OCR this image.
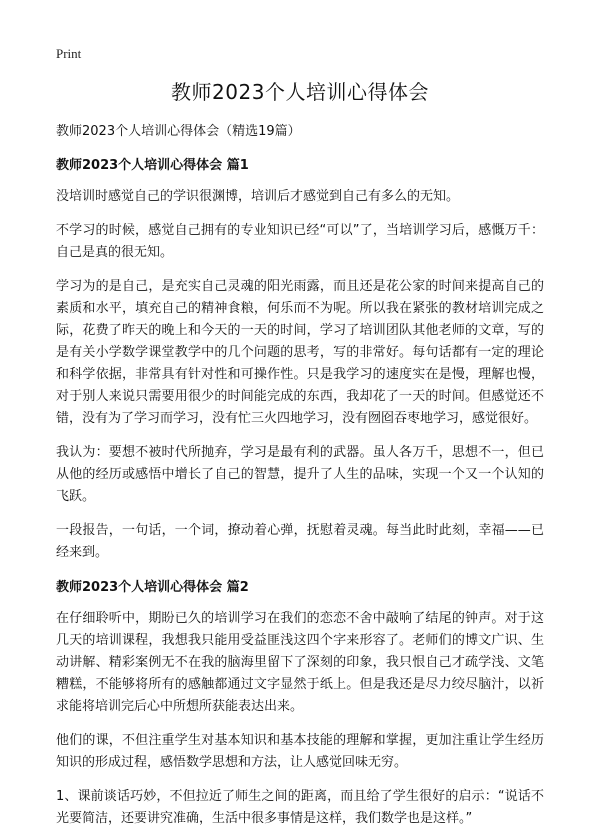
Print
教师2023个人培训心得体会

教师2023个人培训心得体会（精选19篇）

教师2023个人培训心得体会 篇1

没培训时感觉自己的学识很渊博，培训后才感觉到自己有多么的无知。

不学习的时候，感觉自己拥有的专业知识已经“可以”了，当培训学习后，感慨万千：自己是真的很无知。

学习为的是自己，是充实自己灵魂的阳光雨露，而且还是花公家的时间来提高自己的素质和水平，填充自己的精神食粮，何乐而不为呢。所以我在紧张的教材培训完成之际，花费了昨天的晚上和今天的一天的时间，学习了培训团队其他老师的文章，写的是有关小学数学课堂教学中的几个问题的思考，写的非常好。每句话都有一定的理论和科学依据，非常具有针对性和可操作性。只是我学习的速度实在是慢，理解也慢，对于别人来说只需要用很少的时间能完成的东西，我却花了一天的时间。但感觉还不错，没有为了学习而学习，没有忙三火四地学习，没有囫囵吞枣地学习，感觉很好。

我认为：要想不被时代所抛弃，学习是最有利的武器。虽人各万千，思想不一，但已从他的经历或感悟中增长了自己的智慧，提升了人生的品味，实现一个又一个认知的飞跃。

一段报告，一句话，一个词，撩动着心弹，抚慰着灵魂。每当此时此刻，幸福——已经来到。

教师2023个人培训心得体会 篇2

在仔细聆听中，期盼已久的培训学习在我们的恋恋不舍中敲响了结尾的钟声。对于这几天的培训课程，我想我只能用受益匪浅这四个字来形容了。老师们的博文广识、生动讲解、精彩案例无不在我的脑海里留下了深刻的印象，我只恨自己才疏学浅、文笔糟糕，不能够将所有的感触都通过文字显然于纸上。但是我还是尽力绞尽脑汁，以祈求能将培训完后心中所想所获能表达出来。

他们的课，不但注重学生对基本知识和基本技能的理解和掌握，更加注重让学生经历知识的形成过程，感悟数学思想和方法，让人感觉回味无穷。

1、课前谈话巧妙，不但拉近了师生之间的距离，而且给了学生很好的启示：“说话不光要简洁，还要讲究准确，生活中很多事情是这样，我们数学也是这样。”
